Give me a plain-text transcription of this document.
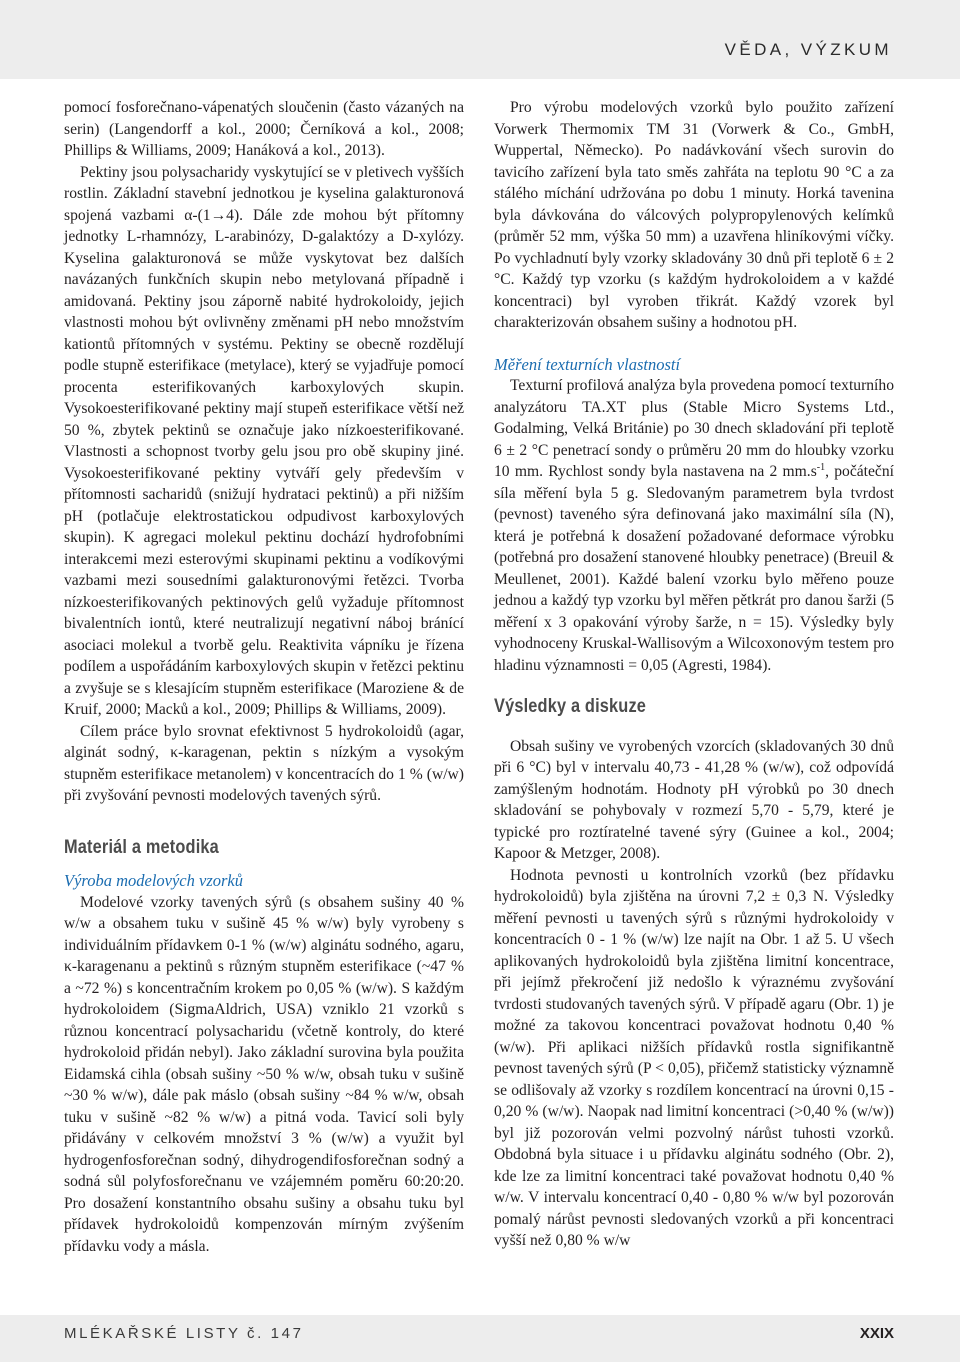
VĚDA, VÝZKUM

pomocí fosforečnano-vápenatých sloučenin (často vázaných na serin) (Langendorff a kol., 2000; Černíková a kol., 2008; Phillips & Williams, 2009; Hanáková a kol., 2013).

Pektiny jsou polysacharidy vyskytující se v pletivech vyšších rostlin. Základní stavební jednotkou je kyselina galakturonová spojená vazbami α-(1→4). Dále zde mohou být přítomny jednotky L-rhamnózy, L-arabinózy, D-galaktózy a D-xylózy. Kyselina galakturonová se může vyskytovat bez dalších navázaných funkčních skupin nebo metylovaná případně i amidovaná. Pektiny jsou záporně nabité hydrokoloidy, jejich vlastnosti mohou být ovlivněny změnami pH nebo množstvím kationtů přítomných v systému. Pektiny se obecně rozdělují podle stupně esterifikace (metylace), který se vyjadřuje pomocí procenta esterifikovaných karboxylových skupin. Vysokoesterifikované pektiny mají stupeň esterifikace větší než 50 %, zbytek pektinů se označuje jako nízkoesterifikované. Vlastnosti a schopnost tvorby gelu jsou pro obě skupiny jiné. Vysokoesterifikované pektiny vytváří gely především v přítomnosti sacharidů (snižují hydrataci pektinů) a při nižším pH (potlačuje elektrostatickou odpudivost karboxylových skupin). K agregaci molekul pektinu dochází hydrofobními interakcemi mezi esterovými skupinami pektinu a vodíkovými vazbami mezi sousedními galakturonovými řetězci. Tvorba nízkoesterifikovaných pektinových gelů vyžaduje přítomnost bivalentních iontů, které neutralizují negativní náboj bránící asociaci molekul a tvorbě gelu. Reaktivita vápníku je řízena podílem a uspořádáním karboxylových skupin v řetězci pektinu a zvyšuje se s klesajícím stupněm esterifikace (Maroziene & de Kruif, 2000; Macků a kol., 2009; Phillips & Williams, 2009).

Cílem práce bylo srovnat efektivnost 5 hydrokoloidů (agar, alginát sodný, κ-karagenan, pektin s nízkým a vysokým stupněm esterifikace metanolem) v koncentracích do 1 % (w/w) při zvyšování pevnosti modelových tavených sýrů.

Materiál a metodika

Výroba modelových vzorků

Modelové vzorky tavených sýrů (s obsahem sušiny 40 % w/w a obsahem tuku v sušině 45 % w/w) byly vyrobeny s individuálním přídavkem 0-1 % (w/w) alginátu sodného, agaru, κ-karagenanu a pektinů s různým stupněm esterifikace (~47 % a ~72 %) s koncentračním krokem po 0,05 % (w/w). S každým hydrokoloidem (SigmaAldrich, USA) vzniklo 21 vzorků s různou koncentrací polysacharidu (včetně kontroly, do které hydrokoloid přidán nebyl). Jako základní surovina byla použita Eidamská cihla (obsah sušiny ~50 % w/w, obsah tuku v sušině ~30 % w/w), dále pak máslo (obsah sušiny ~84 % w/w, obsah tuku v sušině ~82 % w/w) a pitná voda. Tavicí soli byly přidávány v celkovém množství 3 % (w/w) a využit byl hydrogenfosforečnan sodný, dihydrogendifosforečnan sodný a sodná sůl polyfosforečnanu ve vzájemném poměru 60:20:20. Pro dosažení konstantního obsahu sušiny a obsahu tuku byl přídavek hydrokoloidů kompenzován mírným zvýšením přídavku vody a másla.

Pro výrobu modelových vzorků bylo použito zařízení Vorwerk Thermomix TM 31 (Vorwerk & Co., GmbH, Wuppertal, Německo). Po nadávkování všech surovin do tavicího zařízení byla tato směs zahřáta na teplotu 90 °C a za stálého míchání udržována po dobu 1 minuty. Horká tavenina byla dávkována do válcových polypropylenových kelímků (průměr 52 mm, výška 50 mm) a uzavřena hliníkovými víčky. Po vychladnutí byly vzorky skladovány 30 dnů při teplotě 6 ± 2 °C. Každý typ vzorku (s každým hydrokoloidem a v každé koncentraci) byl vyroben třikrát. Každý vzorek byl charakterizován obsahem sušiny a hodnotou pH.

Měření texturních vlastností

Texturní profilová analýza byla provedena pomocí texturního analyzátoru TA.XT plus (Stable Micro Systems Ltd., Godalming, Velká Británie) po 30 dnech skladování při teplotě 6 ± 2 °C penetrací sondy o průměru 20 mm do hloubky vzorku 10 mm. Rychlost sondy byla nastavena na 2 $mm.s^{-1}$, počáteční síla měření byla 5 g. Sledovaným parametrem byla tvrdost (pevnost) taveného sýra definovaná jako maximální síla (N), která je potřebná k dosažení požadované deformace výrobku (potřebná pro dosažení stanovené hloubky penetrace) (Breuil & Meullenet, 2001). Každé balení vzorku bylo měřeno pouze jednou a každý typ vzorku byl měřen pětkrát pro danou šarži (5 měření x 3 opakování výroby šarže, n = 15). Výsledky byly vyhodnoceny Kruskal-Wallisovým a Wilcoxonovým testem pro hladinu významnosti = 0,05 (Agresti, 1984).

Výsledky a diskuze

Obsah sušiny ve vyrobených vzorcích (skladovaných 30 dnů při 6 °C) byl v intervalu 40,73 - 41,28 % (w/w), což odpovídá zamýšleným hodnotám. Hodnoty pH výrobků po 30 dnech skladování se pohybovaly v rozmezí 5,70 - 5,79, které je typické pro roztíratelné tavené sýry (Guinee a kol., 2004; Kapoor & Metzger, 2008).

Hodnota pevnosti u kontrolních vzorků (bez přídavku hydrokoloidů) byla zjištěna na úrovni 7,2 ± 0,3 N. Výsledky měření pevnosti u tavených sýrů s různými hydrokoloidy v koncentracích 0 - 1 % (w/w) lze najít na Obr. 1 až 5. U všech aplikovaných hydrokoloidů byla zjištěna limitní koncentrace, při jejímž překročení již nedošlo k výraznému zvyšování tvrdosti studovaných tavených sýrů. V případě agaru (Obr. 1) je možné za takovou koncentraci považovat hodnotu 0,40 % (w/w). Při aplikaci nižších přídavků rostla signifikantně pevnost tavených sýrů (P < 0,05), přičemž statisticky významně se odlišovaly až vzorky s rozdílem koncentrací na úrovni 0,15 - 0,20 % (w/w). Naopak nad limitní koncentraci (>0,40 % (w/w)) byl již pozorován velmi pozvolný nárůst tuhosti vzorků. Obdobná byla situace i u přídavku alginátu sodného (Obr. 2), kde lze za limitní koncentraci také považovat hodnotu 0,40 % w/w. V intervalu koncentrací 0,40 - 0,80 % w/w byl pozorován pomalý nárůst pevnosti sledovaných vzorků a při koncentraci vyšší než 0,80 % w/w

MLÉKAŘSKÉ LISTY č. 147	XXIX
